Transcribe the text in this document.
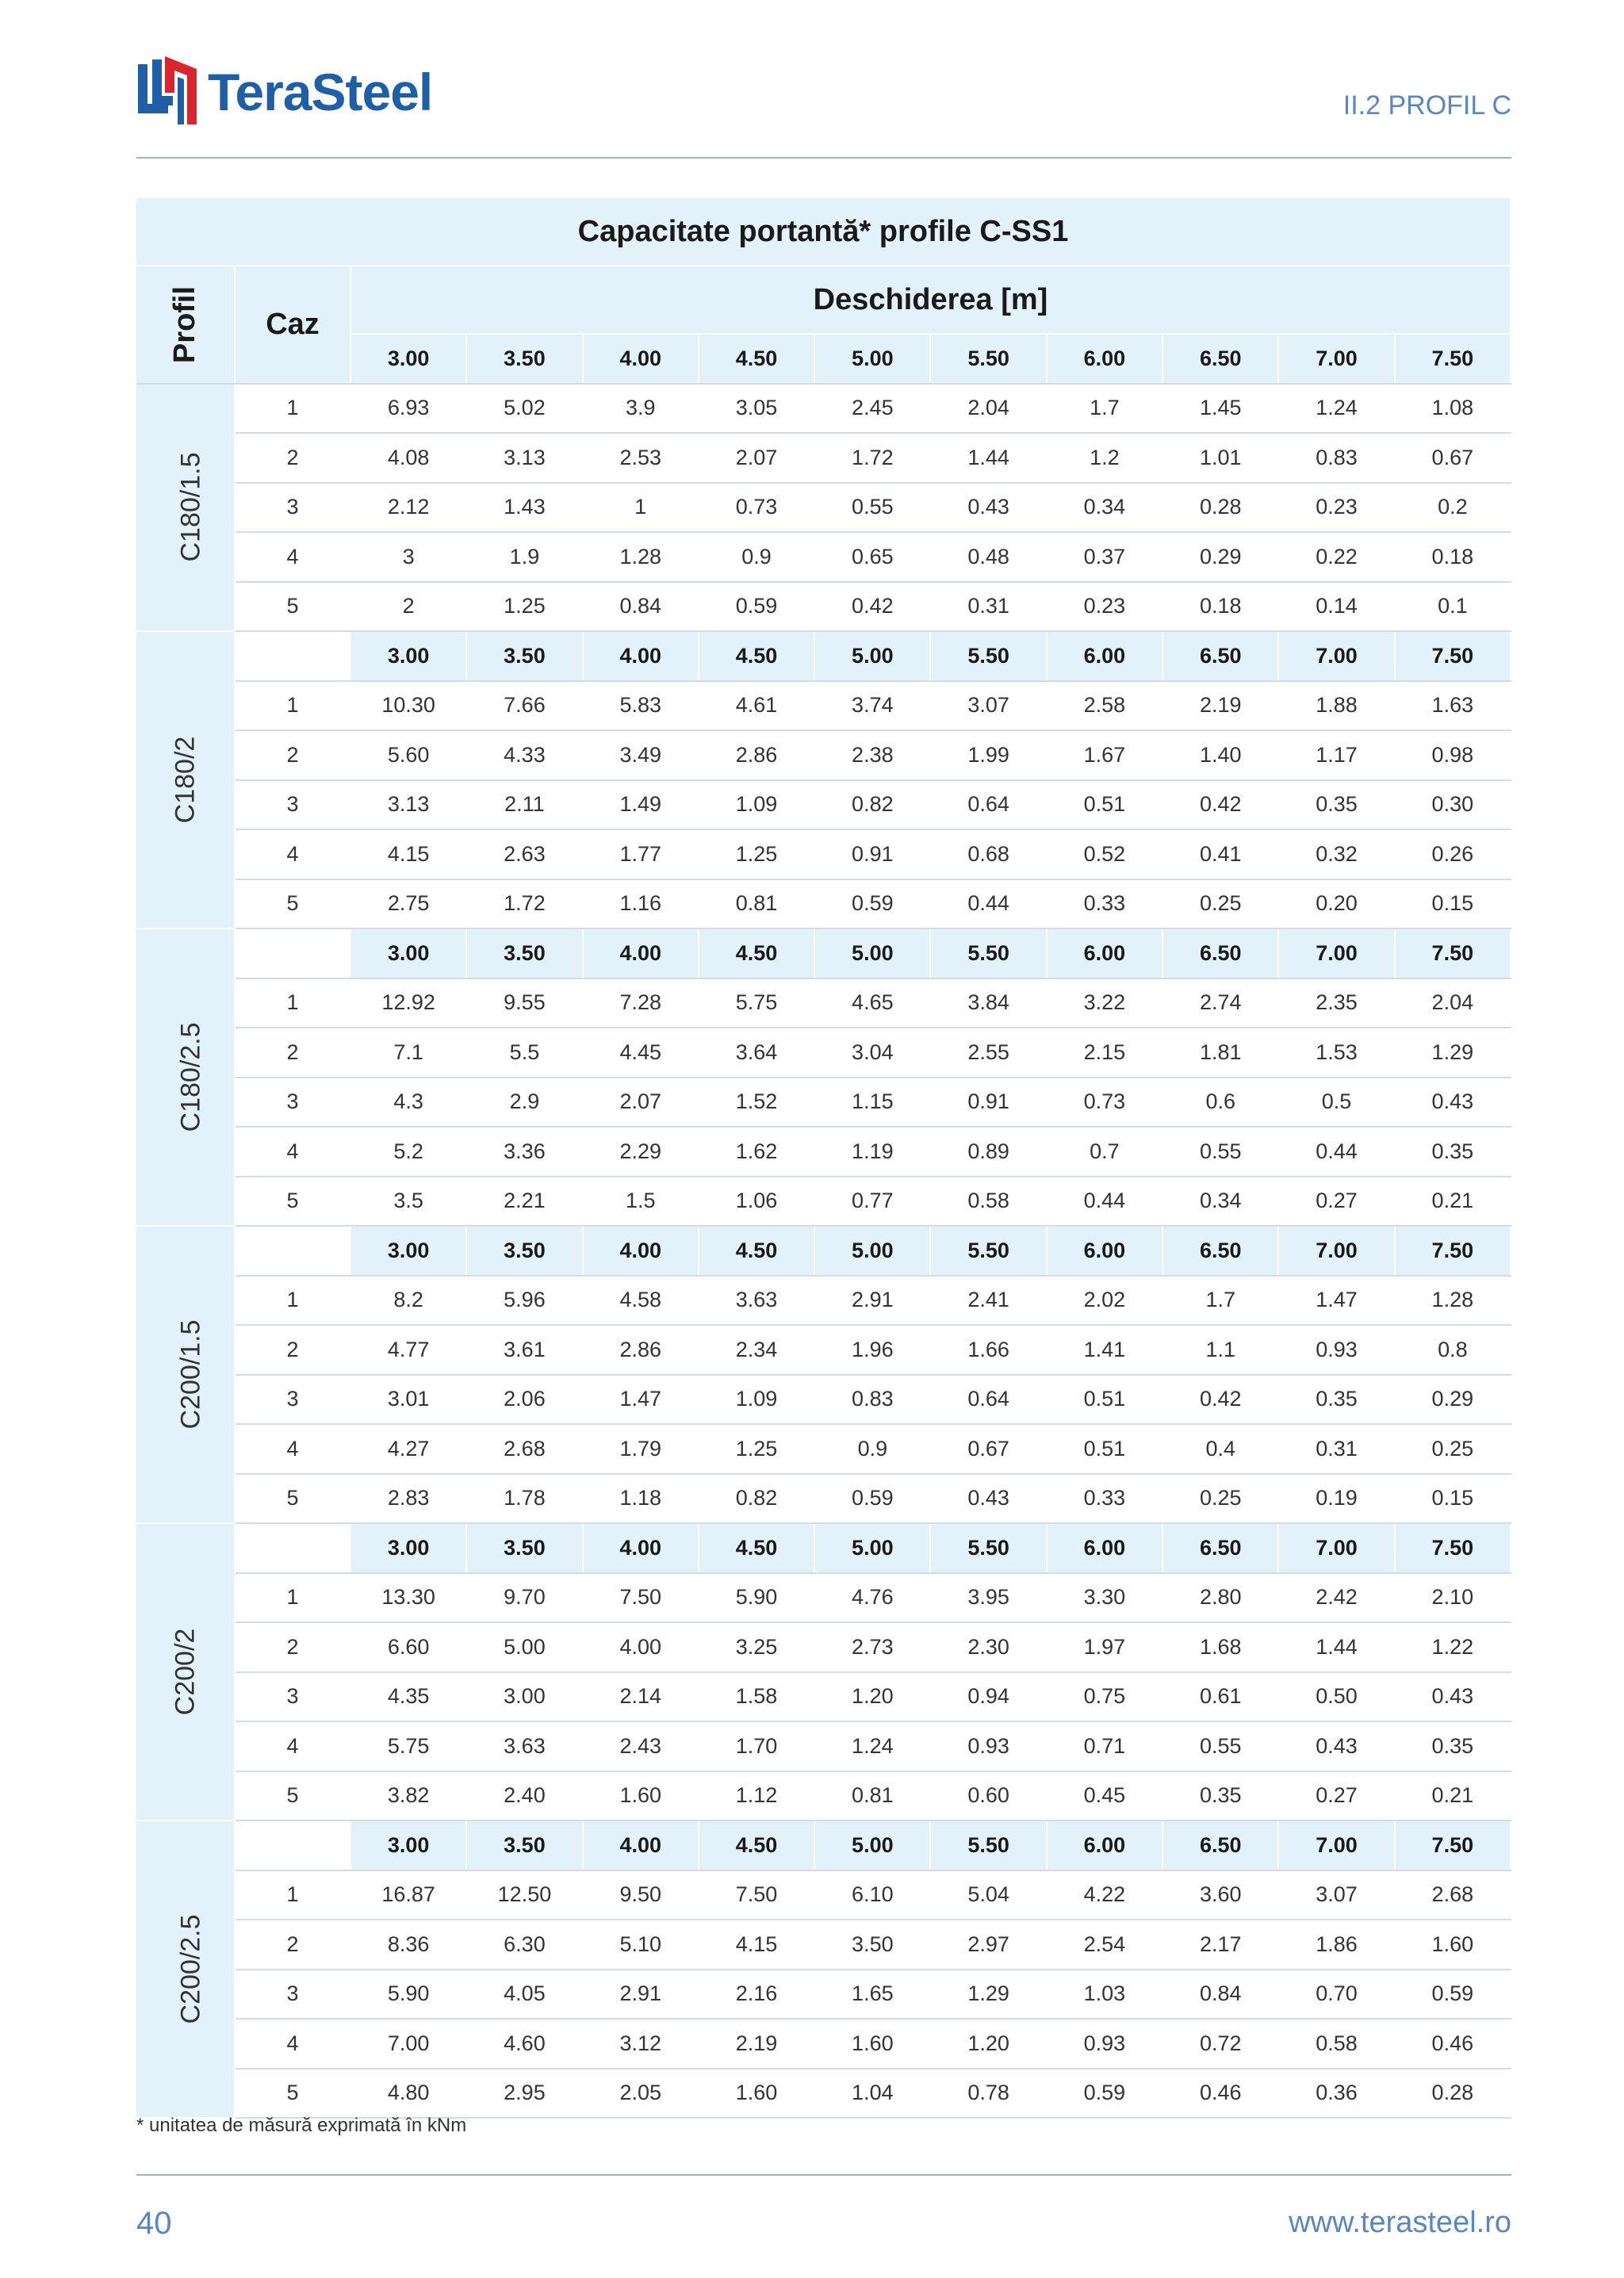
TeraSteel	II.2 PROFIL C
Capacitate portantă* profile C-SS1											
Profil	Caz	Deschiderea [m]									
		3.00	3.50	4.00	4.50	5.00	5.50	6.00	6.50	7.00	7.50
C180/1.5	1	6.93	5.02	3.9	3.05	2.45	2.04	1.7	1.45	1.24	1.08
	2	4.08	3.13	2.53	2.07	1.72	1.44	1.2	1.01	0.83	0.67
	3	2.12	1.43	1	0.73	0.55	0.43	0.34	0.28	0.23	0.2
	4	3	1.9	1.28	0.9	0.65	0.48	0.37	0.29	0.22	0.18
	5	2	1.25	0.84	0.59	0.42	0.31	0.23	0.18	0.14	0.1
C180/2		3.00	3.50	4.00	4.50	5.00	5.50	6.00	6.50	7.00	7.50
	1	10.30	7.66	5.83	4.61	3.74	3.07	2.58	2.19	1.88	1.63
	2	5.60	4.33	3.49	2.86	2.38	1.99	1.67	1.40	1.17	0.98
	3	3.13	2.11	1.49	1.09	0.82	0.64	0.51	0.42	0.35	0.30
	4	4.15	2.63	1.77	1.25	0.91	0.68	0.52	0.41	0.32	0.26
	5	2.75	1.72	1.16	0.81	0.59	0.44	0.33	0.25	0.20	0.15
C180/2.5		3.00	3.50	4.00	4.50	5.00	5.50	6.00	6.50	7.00	7.50
	1	12.92	9.55	7.28	5.75	4.65	3.84	3.22	2.74	2.35	2.04
	2	7.1	5.5	4.45	3.64	3.04	2.55	2.15	1.81	1.53	1.29
	3	4.3	2.9	2.07	1.52	1.15	0.91	0.73	0.6	0.5	0.43
	4	5.2	3.36	2.29	1.62	1.19	0.89	0.7	0.55	0.44	0.35
	5	3.5	2.21	1.5	1.06	0.77	0.58	0.44	0.34	0.27	0.21
C200/1.5		3.00	3.50	4.00	4.50	5.00	5.50	6.00	6.50	7.00	7.50
	1	8.2	5.96	4.58	3.63	2.91	2.41	2.02	1.7	1.47	1.28
	2	4.77	3.61	2.86	2.34	1.96	1.66	1.41	1.1	0.93	0.8
	3	3.01	2.06	1.47	1.09	0.83	0.64	0.51	0.42	0.35	0.29
	4	4.27	2.68	1.79	1.25	0.9	0.67	0.51	0.4	0.31	0.25
	5	2.83	1.78	1.18	0.82	0.59	0.43	0.33	0.25	0.19	0.15
C200/2		3.00	3.50	4.00	4.50	5.00	5.50	6.00	6.50	7.00	7.50
	1	13.30	9.70	7.50	5.90	4.76	3.95	3.30	2.80	2.42	2.10
	2	6.60	5.00	4.00	3.25	2.73	2.30	1.97	1.68	1.44	1.22
	3	4.35	3.00	2.14	1.58	1.20	0.94	0.75	0.61	0.50	0.43
	4	5.75	3.63	2.43	1.70	1.24	0.93	0.71	0.55	0.43	0.35
	5	3.82	2.40	1.60	1.12	0.81	0.60	0.45	0.35	0.27	0.21
C200/2.5		3.00	3.50	4.00	4.50	5.00	5.50	6.00	6.50	7.00	7.50
	1	16.87	12.50	9.50	7.50	6.10	5.04	4.22	3.60	3.07	2.68
	2	8.36	6.30	5.10	4.15	3.50	2.97	2.54	2.17	1.86	1.60
	3	5.90	4.05	2.91	2.16	1.65	1.29	1.03	0.84	0.70	0.59
	4	7.00	4.60	3.12	2.19	1.60	1.20	0.93	0.72	0.58	0.46
	5	4.80	2.95	2.05	1.60	1.04	0.78	0.59	0.46	0.36	0.28
* unitatea de măsură exprimată în kNm
40	www.terasteel.ro
